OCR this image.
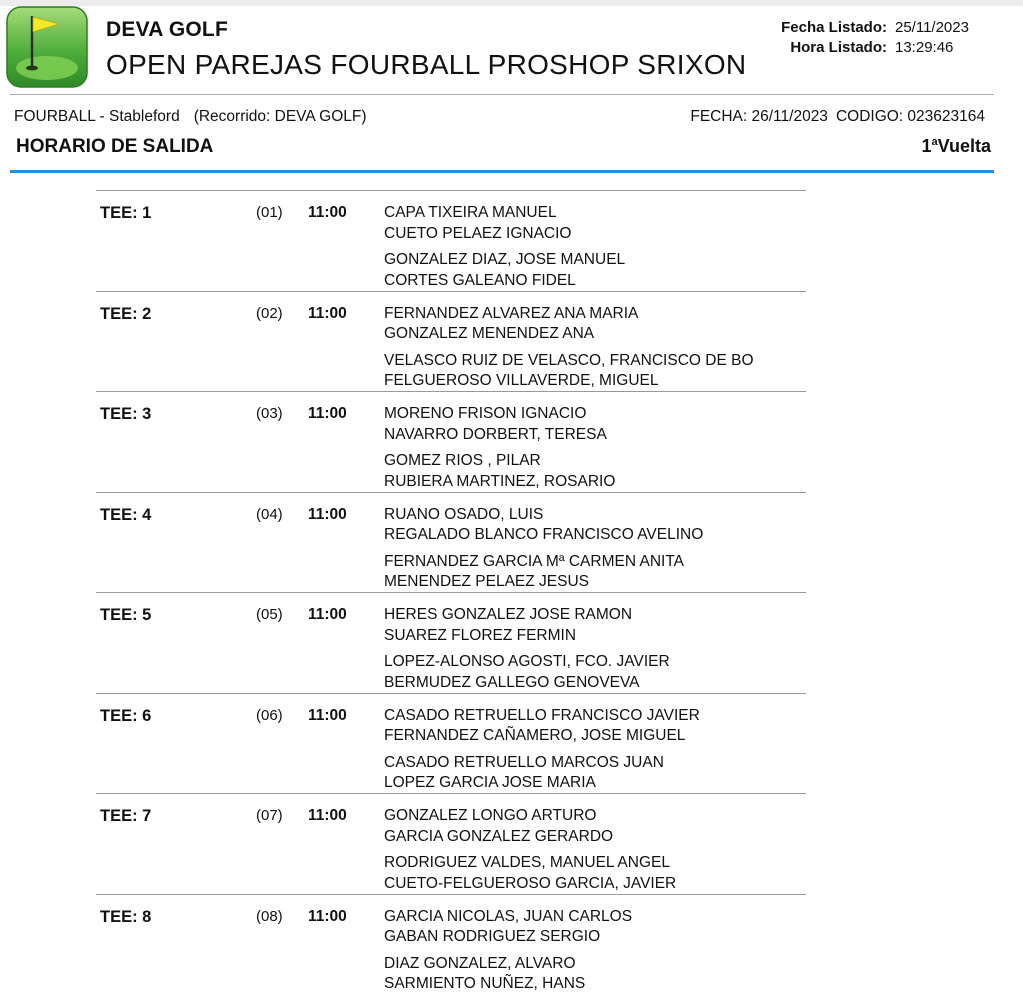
DEVA GOLF
OPEN PAREJAS FOURBALL PROSHOP SRIXON
Fecha Listado:
Hora Listado:
25/11/2023
13:29:46
FOURBALL - Stableford (Recorrido: DEVA GOLF)	FECHA: 26/11/2023 CODIGO: 023623164
HORARIO DE SALIDA	1$^a$Vuelta
TEE: 1	(01) 11:00 CAPA TIXEIRA MANUEL
CUETO PELAEZ IGNACIO
GONZALEZ DIAZ, JOSE MANUEL
CORTES GALEANO FIDEL
TEE: 2	(02) 11:00 FERNANDEZ ALVAREZ ANA MARIA
GONZALEZ MENENDEZ ANA
VELASCO RUIZ DE VELASCO, FRANCISCO DE BO
FELGUEROSO VILLAVERDE, MIGUEL
TEE: 3	(03) 11:00 MORENO FRISON IGNACIO
NAVARRO DORBERT, TERESA
GOMEZ RIOS , PILAR
RUBIERA MARTINEZ, ROSARIO
TEE: 4	(04) 11:00 RUANO OSADO, LUIS
REGALADO BLANCO FRANCISCO AVELINO
FERNANDEZ GARCIA Mª CARMEN ANITA
MENENDEZ PELAEZ JESUS
TEE: 5	(05) 11:00 HERES GONZALEZ JOSE RAMON
SUAREZ FLOREZ FERMIN
LOPEZ-ALONSO AGOSTI, FCO. JAVIER
BERMUDEZ GALLEGO GENOVEVA
TEE: 6	(06) 11:00 CASADO RETRUELLO FRANCISCO JAVIER
FERNANDEZ CAÑAMERO, JOSE MIGUEL
CASADO RETRUELLO MARCOS JUAN
LOPEZ GARCIA JOSE MARIA
TEE: 7	(07) 11:00 GONZALEZ LONGO ARTURO
GARCIA GONZALEZ GERARDO
RODRIGUEZ VALDES, MANUEL ANGEL
CUETO-FELGUEROSO GARCIA, JAVIER
TEE: 8	(08) 11:00 GARCIA NICOLAS, JUAN CARLOS
GABAN RODRIGUEZ SERGIO
DIAZ GONZALEZ, ALVARO
SARMIENTO NUÑEZ, HANS
